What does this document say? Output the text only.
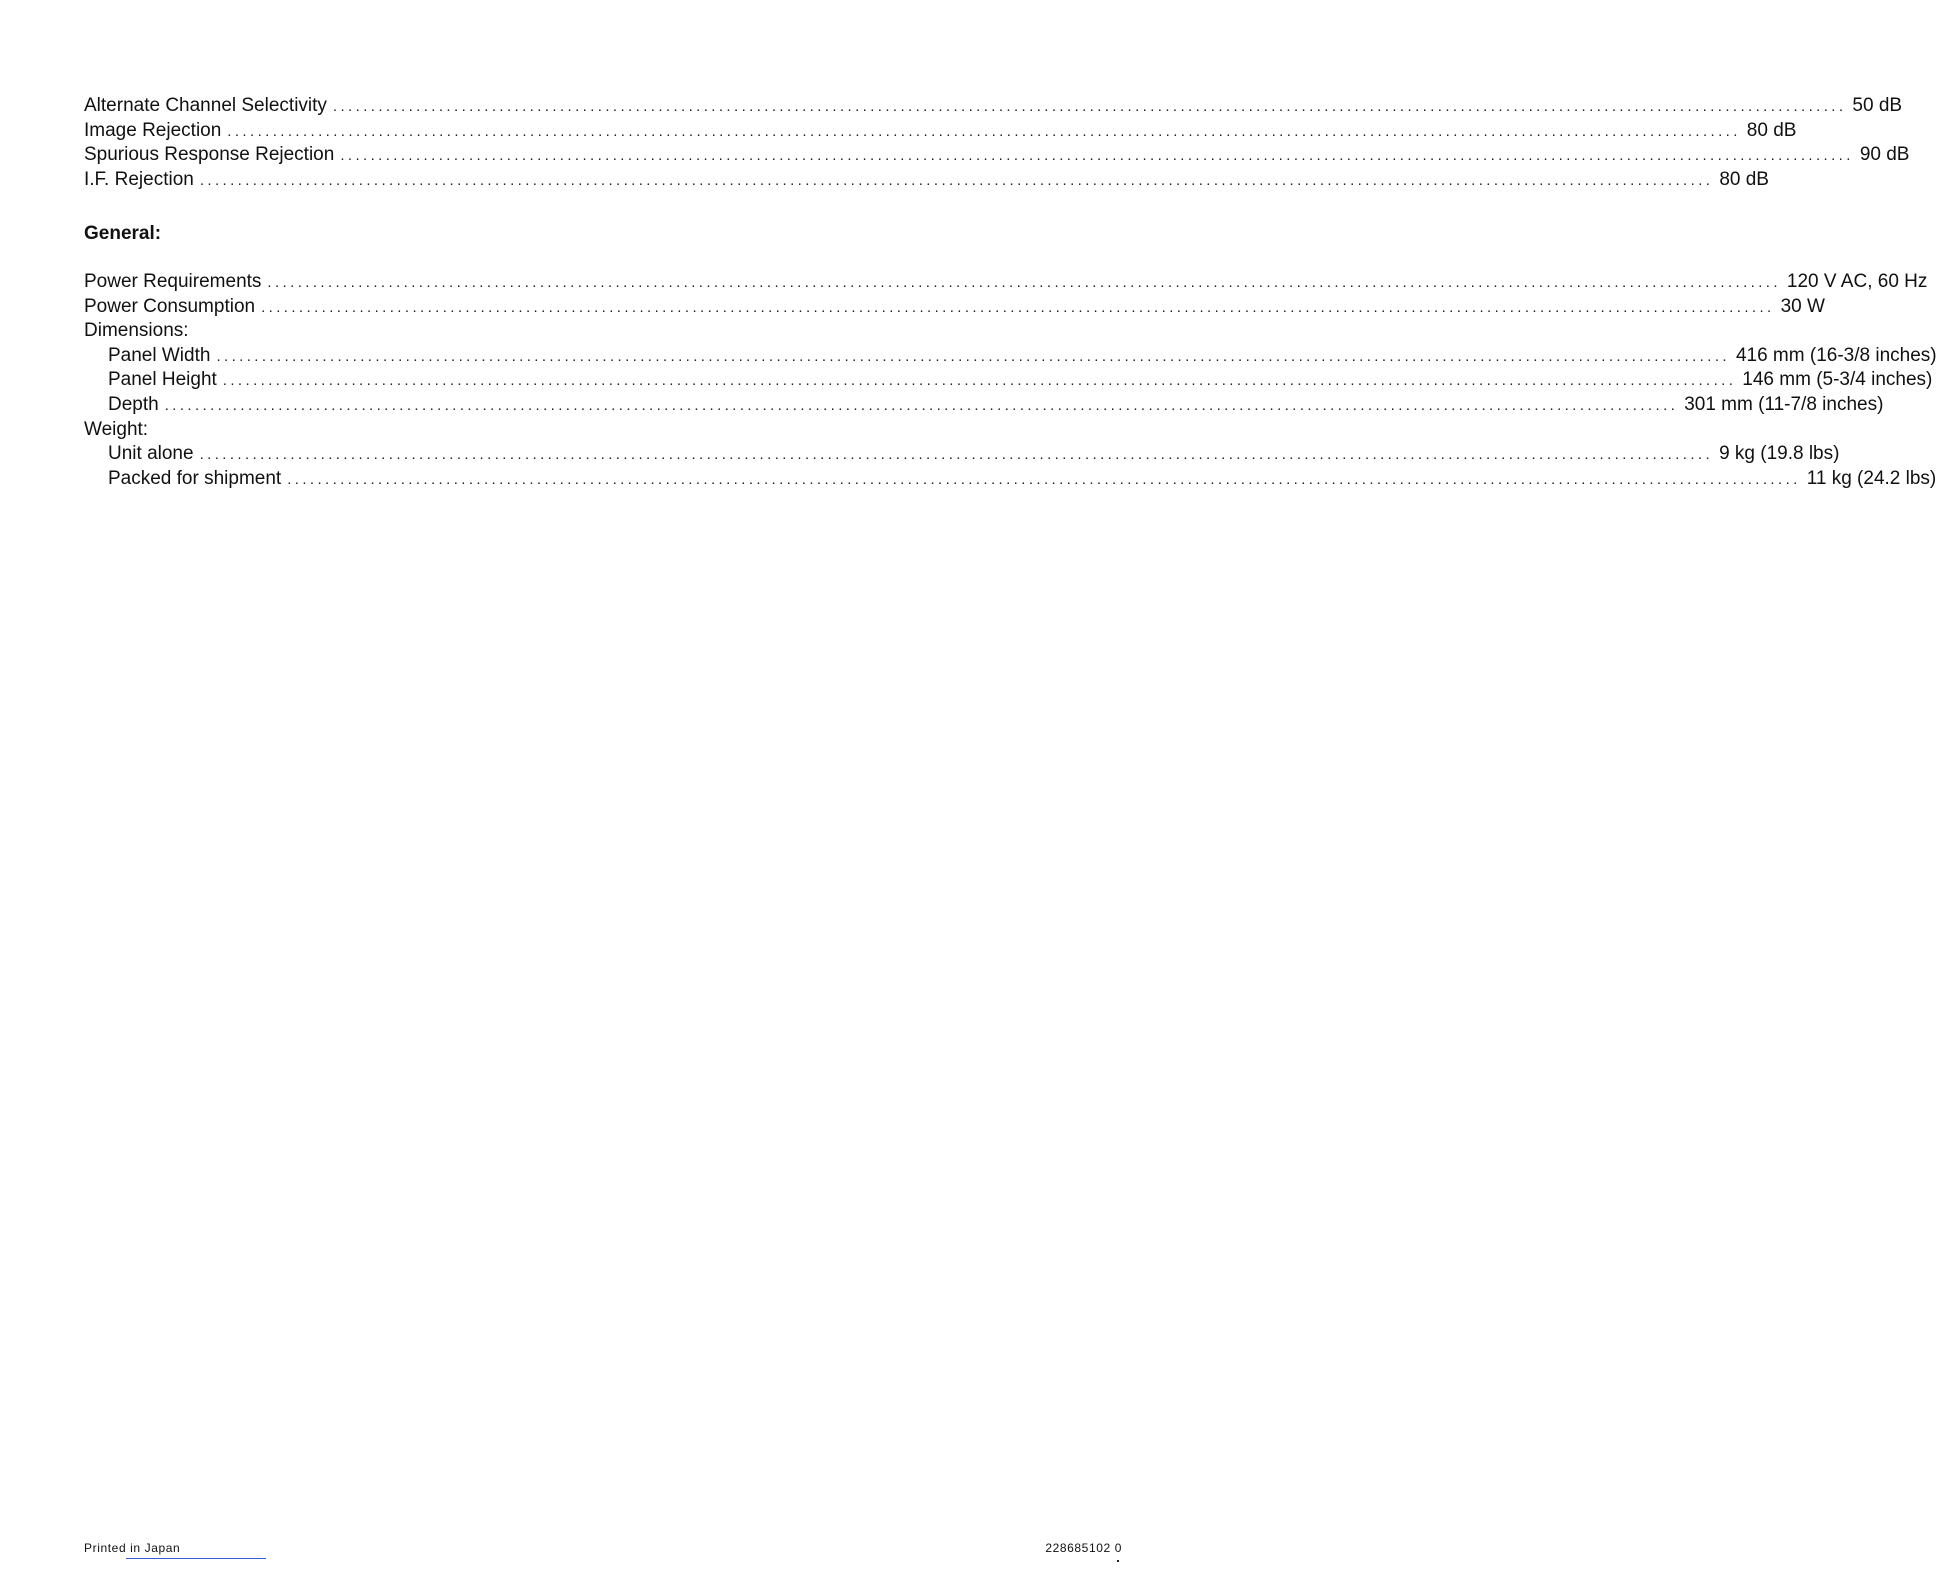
Alternate Channel Selectivity ........................................................................................................................................................................................................ 50 dB
Image Rejection ........................................................................................................................................................................................................ 80 dB
Spurious Response Rejection ........................................................................................................................................................................................................ 90 dB
I.F. Rejection ........................................................................................................................................................................................................ 80 dB
General:
Power Requirements ........................................................................................................................................................................................................ 120 V AC, 60 Hz
Power Consumption ........................................................................................................................................................................................................ 30 W
Dimensions:
Panel Width ........................................................................................................................................................................................................ 416 mm (16-3/8 inches)
Panel Height ........................................................................................................................................................................................................ 146 mm (5-3/4 inches)
Depth ........................................................................................................................................................................................................ 301 mm (11-7/8 inches)
Weight:
Unit alone ........................................................................................................................................................................................................ 9 kg (19.8 lbs)
Packed for shipment ........................................................................................................................................................................................................ 11 kg (24.2 lbs)
Printed in Japan	228685102 0
